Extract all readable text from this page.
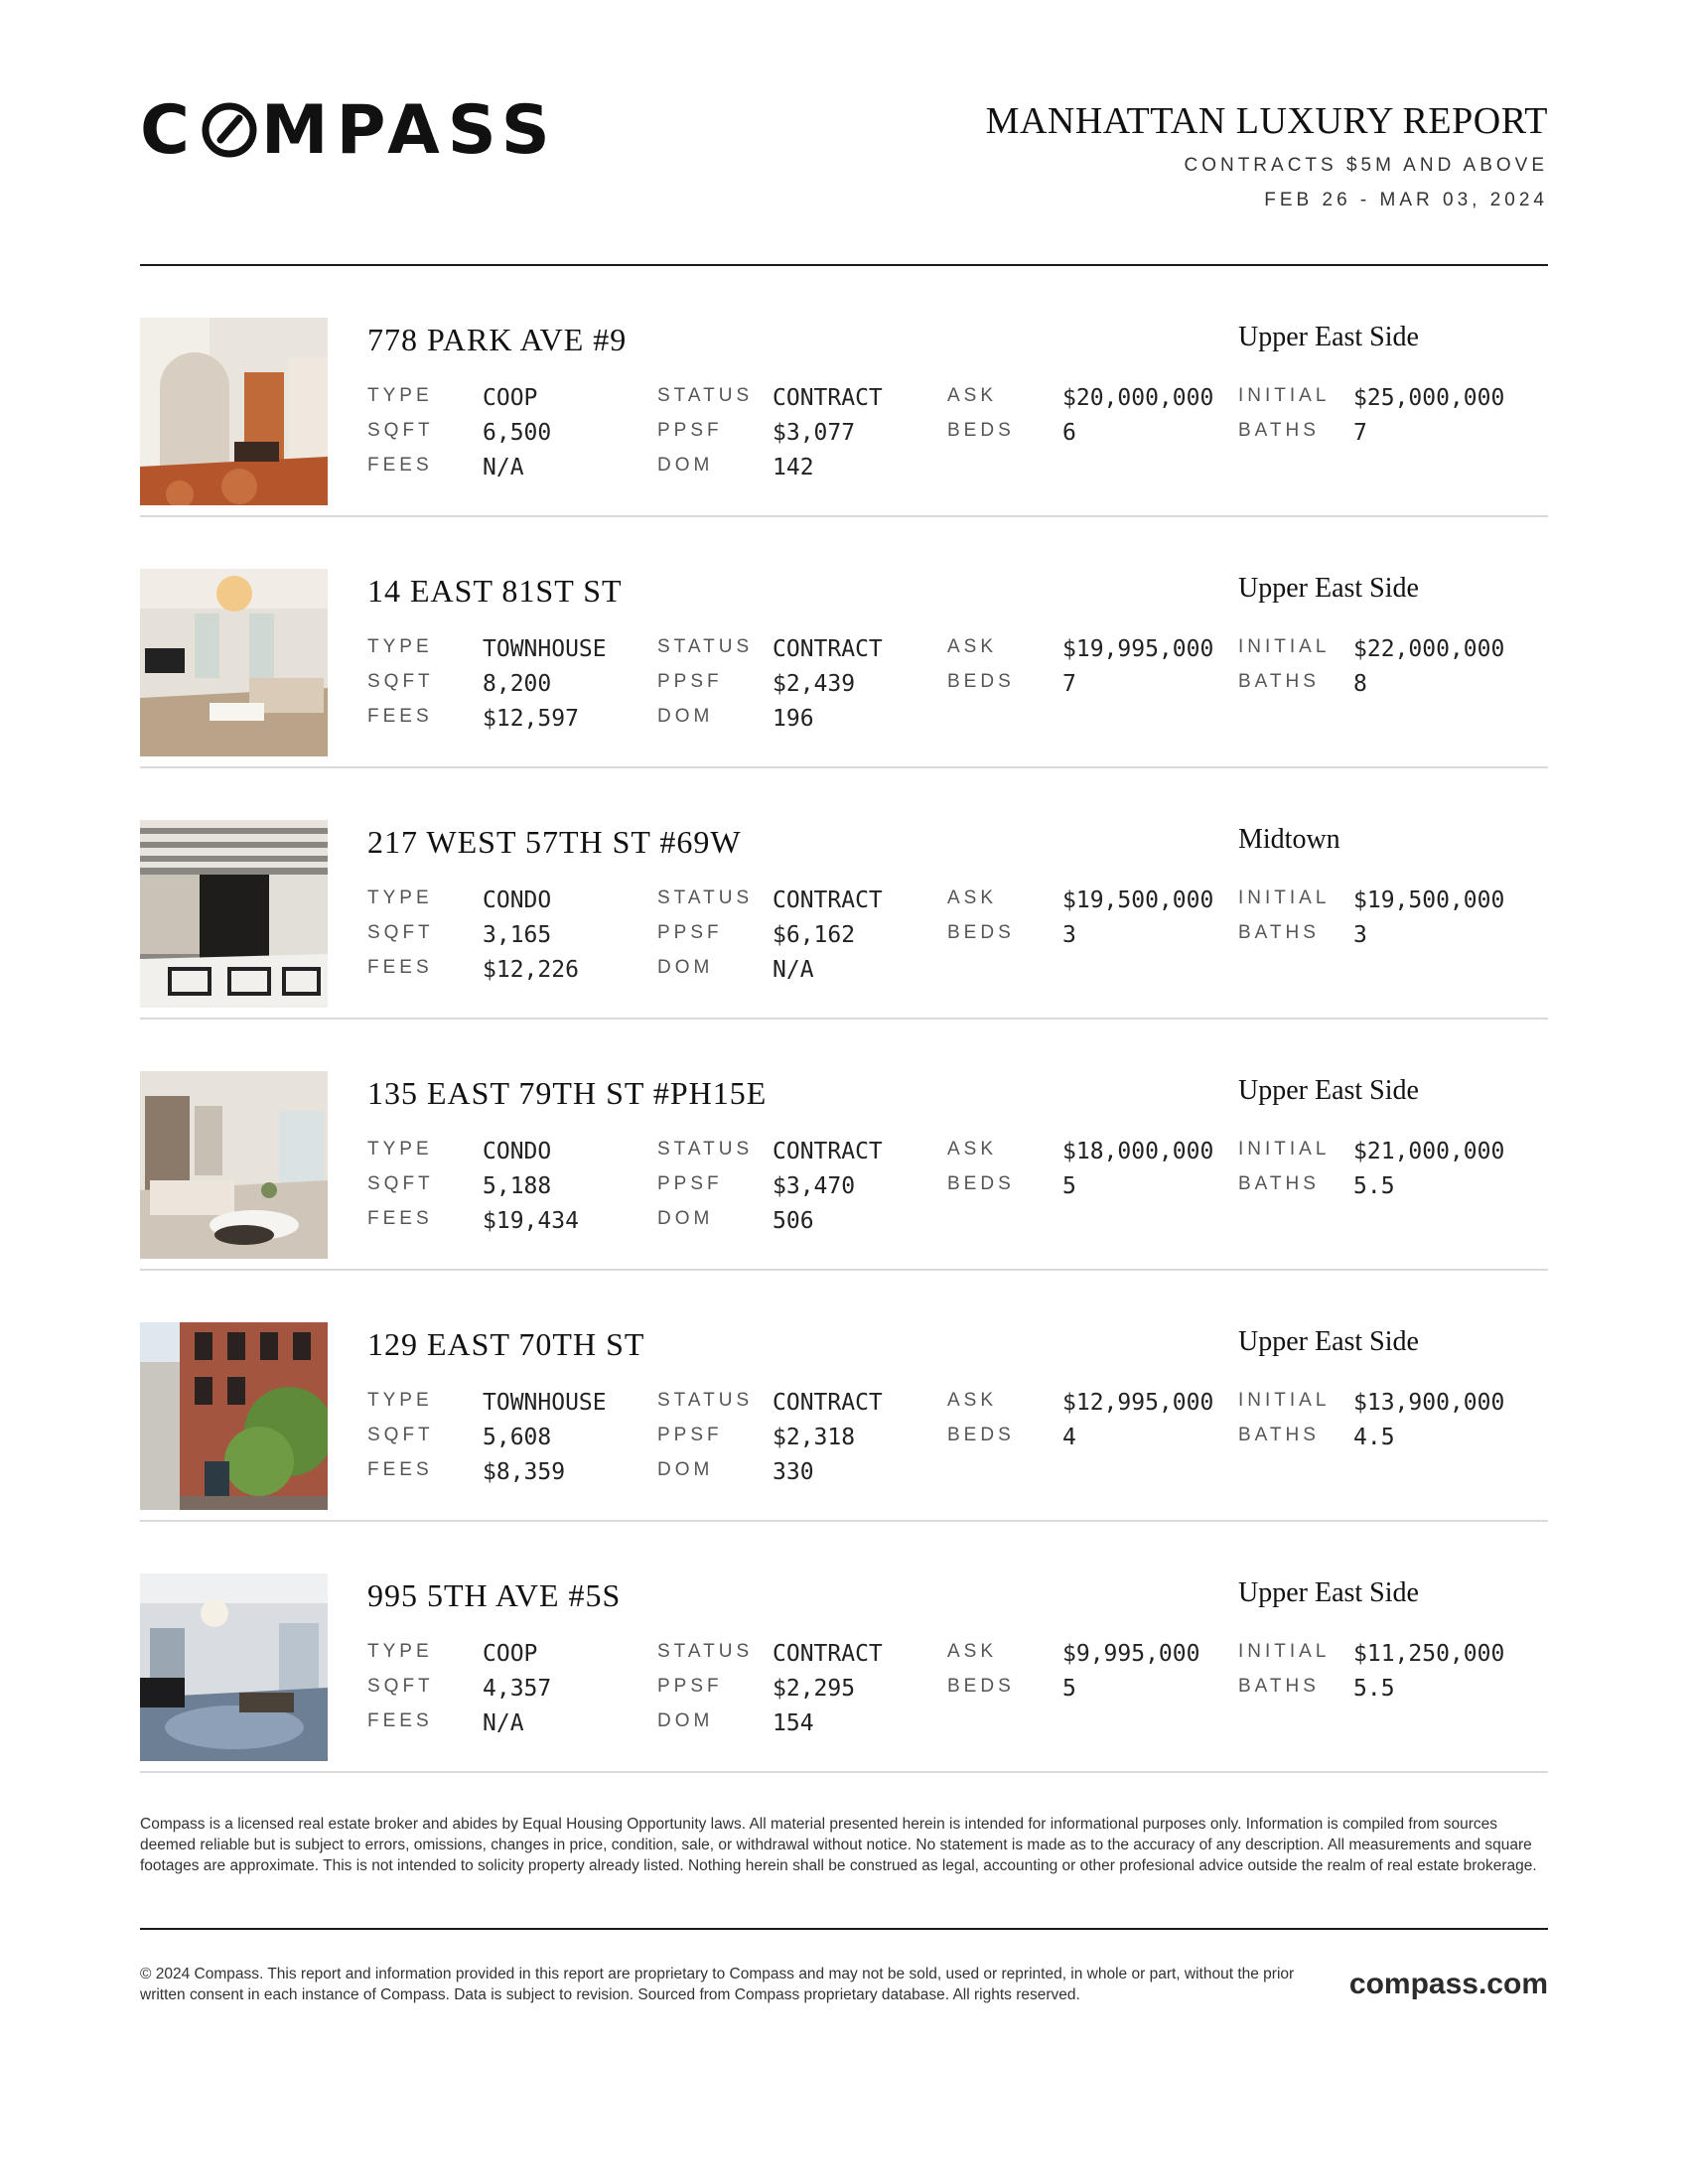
C MPASS	MANHATTAN LUXURY REPORT
CONTRACTS $5M AND ABOVE
FEB 26 - MAR 03, 2024
778 PARK AVE #9	Upper East Side
TYPE COOP
SQFT 6,500
FEES N/A
STATUS CONTRACT
PPSF $3,077
DOM	142
ASK	$20,000,000
BEDS 6
INITIAL $25,000,000
BATHS 7
14 EAST 81ST ST	Upper East Side
TYPE TOWNHOUSE
SQFT 8,200
FEES $12,597
STATUS CONTRACT
PPSF $2,439
DOM	196
ASK	$19,995,000
BEDS 7
INITIAL $22,000,000
BATHS 8
217 WEST 57TH ST #69W	Midtown
TYPE CONDO
SQFT 3,165
FEES $12,226
STATUS CONTRACT
PPSF $6,162
DOM	N/A
ASK	$19,500,000
BEDS 3
INITIAL $19,500,000
BATHS 3
135 EAST 79TH ST #PH15E	Upper East Side
TYPE CONDO
SQFT 5,188
FEES $19,434
STATUS CONTRACT
PPSF $3,470
DOM	506
ASK	$18,000,000
BEDS 5
INITIAL $21,000,000
BATHS 5.5
129 EAST 70TH ST	Upper East Side
TYPE TOWNHOUSE
SQFT 5,608
FEES $8,359
STATUS CONTRACT
PPSF $2,318
DOM	330
ASK	$12,995,000
BEDS 4
INITIAL $13,900,000
BATHS 4.5
995 5TH AVE #5S	Upper East Side
TYPE COOP
SQFT 4,357
FEES N/A
STATUS CONTRACT
PPSF $2,295
DOM	154
ASK	$9,995,000
BEDS 5
INITIAL $11,250,000
BATHS 5.5
Compass is a licensed real estate broker and abides by Equal Housing Opportunity laws. All material presented herein is intended for informational purposes only. Information is compiled from sources deemed reliable but is subject to errors, omissions, changes in price, condition, sale, or withdrawal without notice. No statement is made as to the accuracy of any description. All measurements and square footages are approximate. This is not intended to solicity property already listed. Nothing herein shall be construed as legal, accounting or other profesional advice outside the realm of real estate brokerage.
© 2024 Compass. This report and information provided in this report are proprietary to Compass and may not be sold, used or reprinted, in whole or part, without the prior written consent in each instance of Compass. Data is subject to revision. Sourced from Compass proprietary database. All rights reserved.	compass.com
